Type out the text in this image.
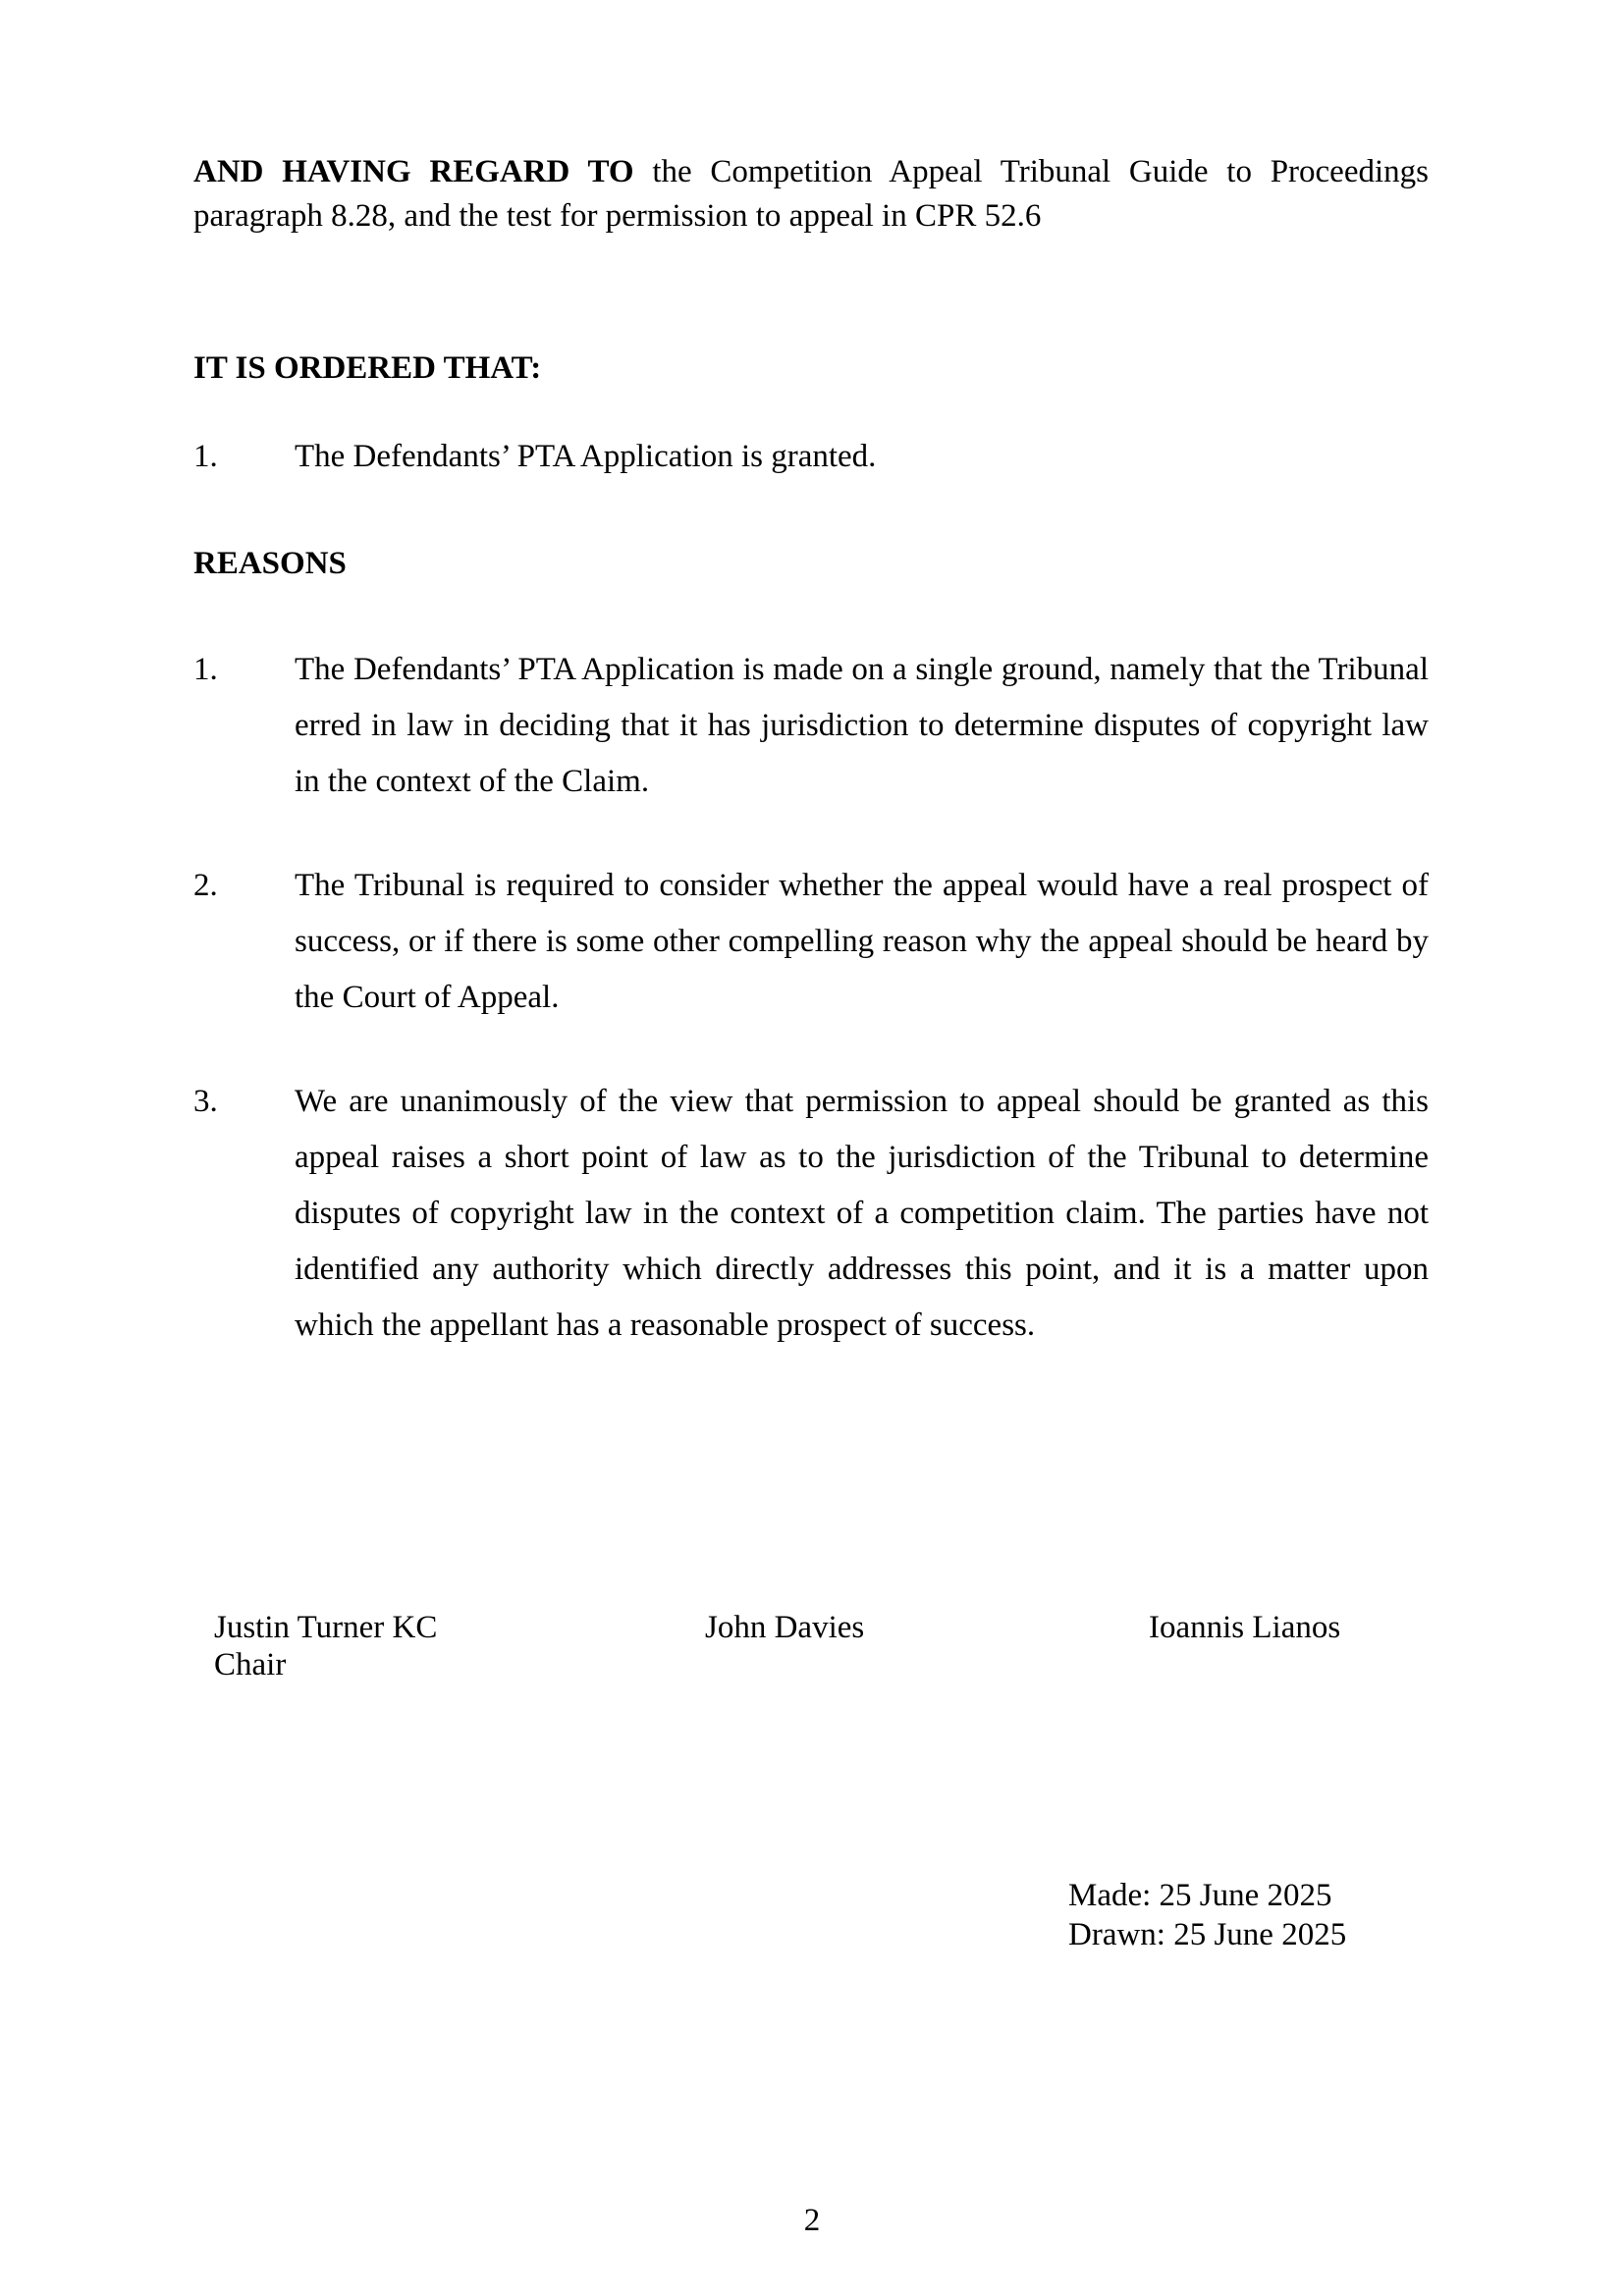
AND HAVING REGARD TO the Competition Appeal Tribunal Guide to Proceedings paragraph 8.28, and the test for permission to appeal in CPR 52.6

IT IS ORDERED THAT:

1.	The Defendants’ PTA Application is granted.

REASONS

1.	The Defendants’ PTA Application is made on a single ground, namely that the Tribunal erred in law in deciding that it has jurisdiction to determine disputes of copyright law in the context of the Claim.
2.	The Tribunal is required to consider whether the appeal would have a real prospect of success, or if there is some other compelling reason why the appeal should be heard by the Court of Appeal.
3.	We are unanimously of the view that permission to appeal should be granted as this appeal raises a short point of law as to the jurisdiction of the Tribunal to determine disputes of copyright law in the context of a competition claim. The parties have not identified any authority which directly addresses this point, and it is a matter upon which the appellant has a reasonable prospect of success.
Justin Turner KC
Chair
John Davies	Ioannis Lianos
Made: 25 June 2025
Drawn: 25 June 2025
2
